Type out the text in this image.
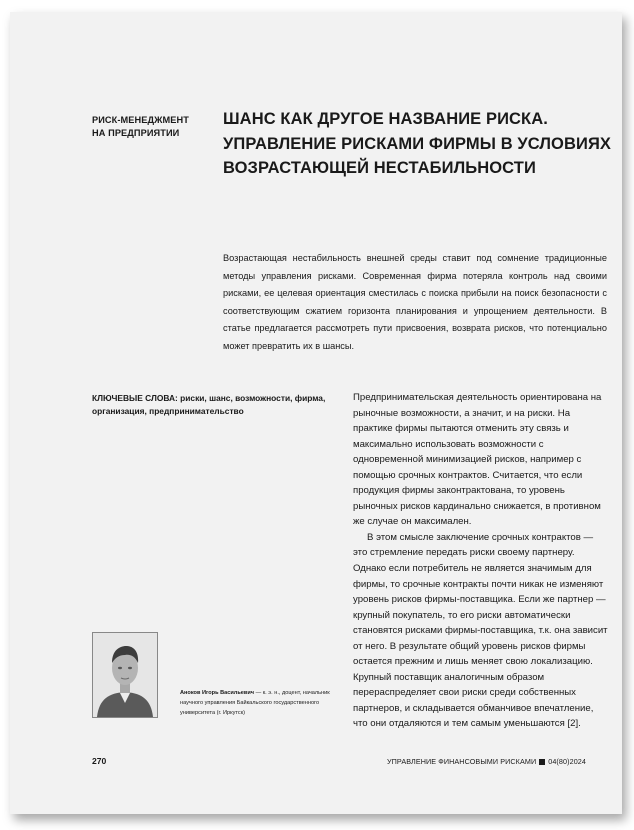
РИСК-МЕНЕДЖМЕНТ
НА ПРЕДПРИЯТИИ
ШАНС КАК ДРУГОЕ НАЗВАНИЕ РИСКА.
УПРАВЛЕНИЕ РИСКАМИ ФИРМЫ В УСЛОВИЯХ
ВОЗРАСТАЮЩЕЙ НЕСТАБИЛЬНОСТИ

Возрастающая нестабильность внешней среды ставит под сомнение традиционные методы управления рисками. Современная фирма потеряла контроль над своими рисками, ее целевая ориентация сместилась с поиска прибыли на поиск безопасности с соответствующим сжатием горизонта планирования и упрощением деятельности. В статье предлагается рассмотреть пути присвоения, возврата рисков, что потенциально может превратить их в шансы.

КЛЮЧЕВЫЕ СЛОВА: риски, шанс, возможности, фирма, организация, предпринимательство

Предпринимательская деятельность ориентирована на рыночные возможности, а значит, и на риски. На практике фирмы пытаются отменить эту связь и максимально использовать возможности с одновременной минимизацией рисков, например с помощью срочных контрактов. Считается, что если продукция фирмы законтрактована, то уровень рыночных рисков кардинально снижается, в противном же случае он максимален.

В этом смысле заключение срочных контрактов — это стремление передать риски своему партнеру. Однако если потребитель не является значимым для фирмы, то срочные контракты почти никак не изменяют уровень рисков фирмы-поставщика. Если же партнер — крупный покупатель, то его риски автоматически становятся рисками фирмы-поставщика, т.к. она зависит от него. В результате общий уровень рисков фирмы остается прежним и лишь меняет свою локализацию. Крупный поставщик аналогичным образом перераспределяет свои риски среди собственных партнеров, и складывается обманчивое впечатление, что они отдаляются и тем самым уменьшаются [2].

Аноков Игорь Васильевич — к. э. н., доцент, начальник научного управления Байкальского государственного университета (г. Иркутск)
270	УПРАВЛЕНИЕ ФИНАНСОВЫМИ РИСКАМИ 04(80)2024
